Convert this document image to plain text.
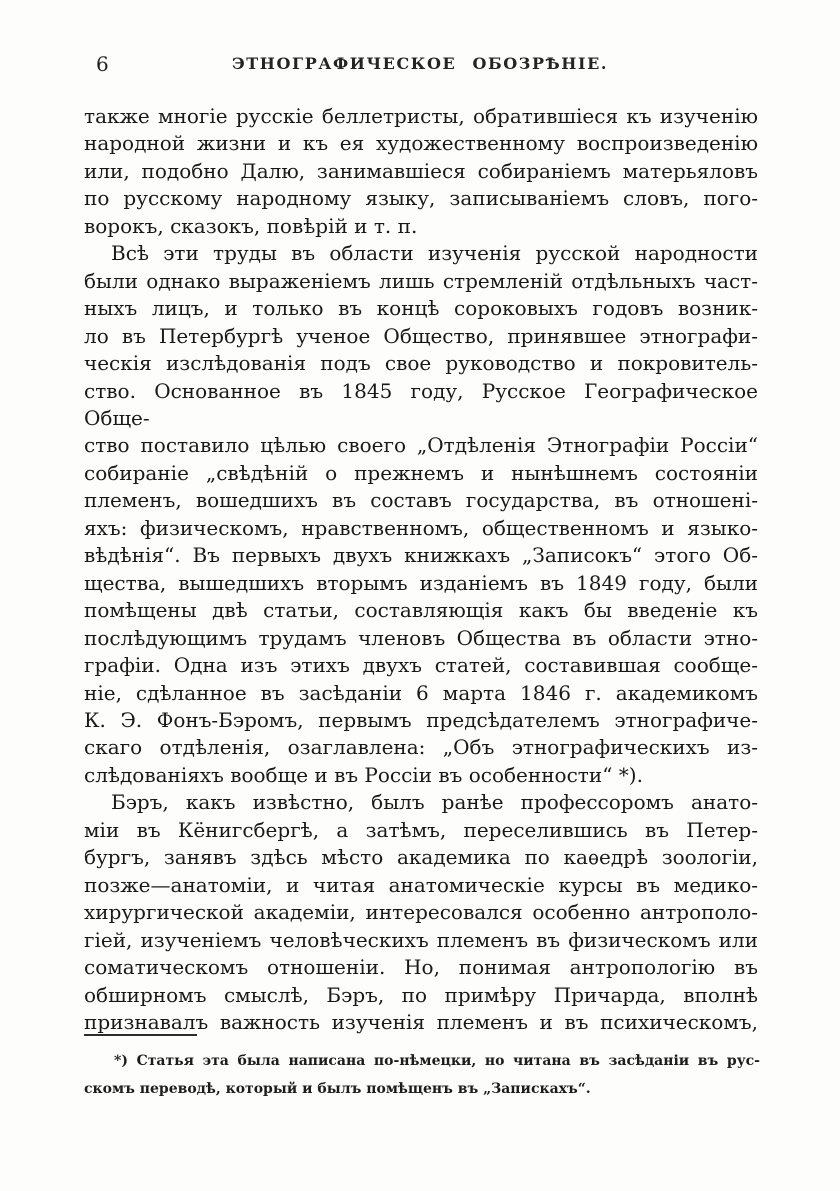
6	ЭТНОГРАФИЧЕСКОЕ ОБОЗРѢНІЕ.
также многіе русскіе беллетристы, обратившіеся къ изученію
народной жизни и къ ея художественному воспроизведенію
или, подобно Далю, занимавшіеся собираніемъ матерьяловъ
по русскому народному языку, записываніемъ словъ, пого-
ворокъ, сказокъ, повѣрій и т. п.
Всѣ эти труды въ области изученія русской народности
были однако выраженіемъ лишь стремленій отдѣльныхъ част-
ныхъ лицъ, и только въ концѣ сороковыхъ годовъ возник-
ло въ Петербургѣ ученое Общество, принявшее этнографи-
ческія изслѣдованія подъ свое руководство и покровитель-
ство. Основанное въ 1845 году, Русское Географическое Обще-
ство поставило цѣлью своего „Отдѣленія Этнографіи Россіи“
собираніе „свѣдѣній о прежнемъ и нынѣшнемъ состояніи
племенъ, вошедшихъ въ составъ государства, въ отношені-
яхъ: физическомъ, нравственномъ, общественномъ и языко-
вѣдѣнія“. Въ первыхъ двухъ книжкахъ „Записокъ“ этого Об-
щества, вышедшихъ вторымъ изданіемъ въ 1849 году, были
помѣщены двѣ статьи, составляющія какъ бы введеніе къ
послѣдующимъ трудамъ членовъ Общества въ области этно-
графіи. Одна изъ этихъ двухъ статей, составившая сообще-
ніе, сдѣланное въ засѣданіи 6 марта 1846 г. академикомъ
К. Э. Фонъ-Бэромъ, первымъ предсѣдателемъ этнографиче-
скаго отдѣленія, озаглавлена: „Объ этнографическихъ из-
слѣдованіяхъ вообще и въ Россіи въ особенности“ *).
Бэръ, какъ извѣстно, былъ ранѣе профессоромъ анато-
міи въ Кёнигсбергѣ, а затѣмъ, переселившись въ Петер-
бургъ, занявъ здѣсь мѣсто академика по каѳедрѣ зоологіи,
позже—анатоміи, и читая анатомическіе курсы въ медико-
хирургической академіи, интересовался особенно антрополо-
гіей, изученіемъ человѣческихъ племенъ въ физическомъ или
соматическомъ отношеніи. Но, понимая антропологію въ
обширномъ смыслѣ, Бэръ, по примѣру Причарда, вполнѣ
признавалъ важность изученія племенъ и въ психическомъ,
*) Статья эта была написана по-нѣмецки, но читана въ засѣданіи въ рус-
скомъ переводѣ, который и былъ помѣщенъ въ „Запискахъ“.
